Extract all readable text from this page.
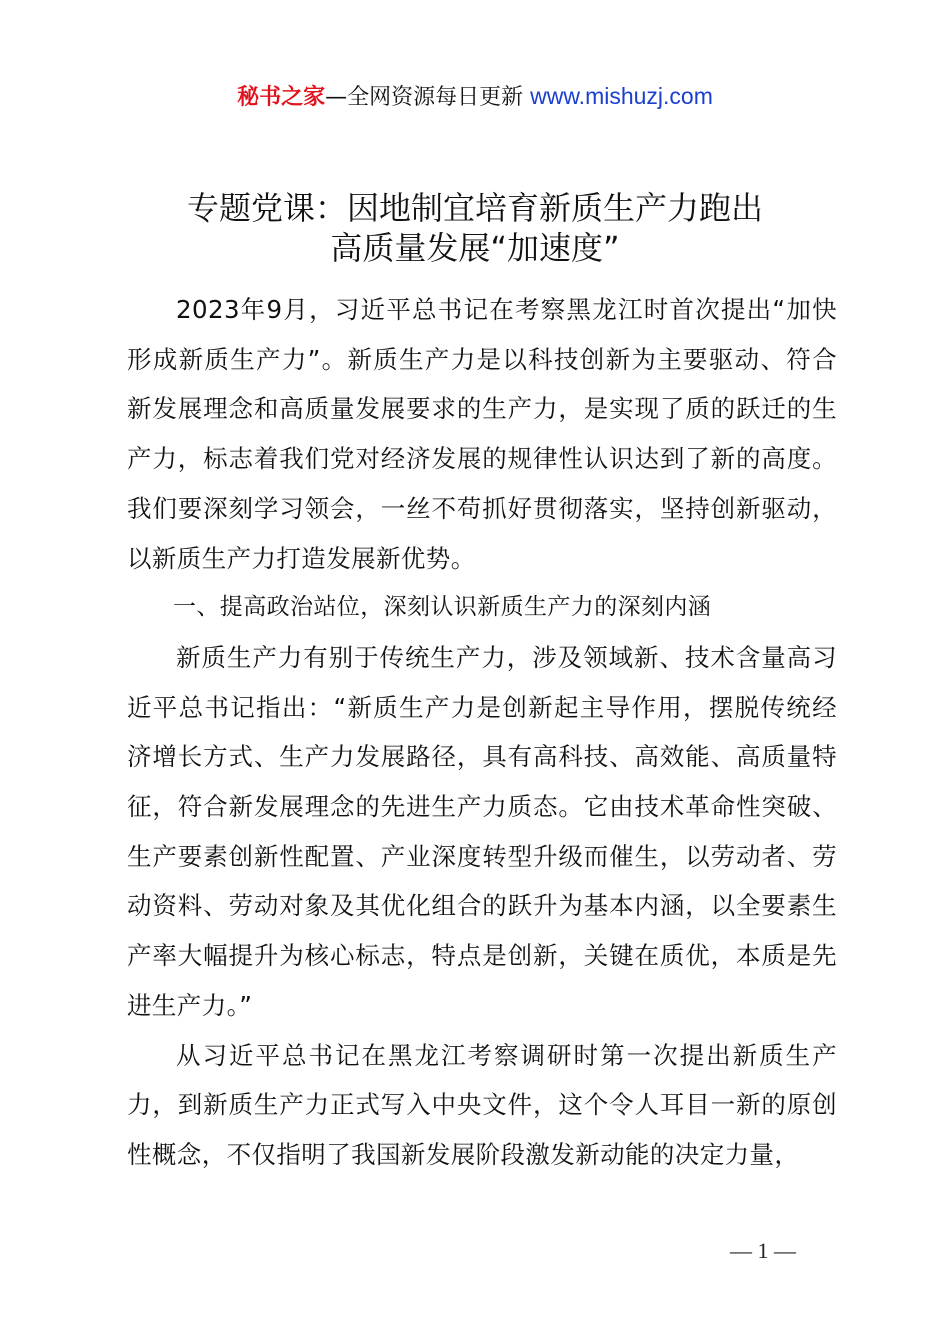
秘书之家—全网资源每日更新 www.mishuzj.com
专题党课：因地制宜培育新质生产力跑出
高质量发展“加速度”

2023年9月，习近平总书记在考察黑龙江时首次提出“加快形成新质生产力”。新质生产力是以科技创新为主要驱动、符合新发展理念和高质量发展要求的生产力，是实现了质的跃迁的生产力，标志着我们党对经济发展的规律性认识达到了新的高度。我们要深刻学习领会，一丝不苟抓好贯彻落实，坚持创新驱动，以新质生产力打造发展新优势。

一、提高政治站位，深刻认识新质生产力的深刻内涵

新质生产力有别于传统生产力，涉及领域新、技术含量高习近平总书记指出：“新质生产力是创新起主导作用，摆脱传统经济增长方式、生产力发展路径，具有高科技、高效能、高质量特征，符合新发展理念的先进生产力质态。它由技术革命性突破、生产要素创新性配置、产业深度转型升级而催生，以劳动者、劳动资料、劳动对象及其优化组合的跃升为基本内涵，以全要素生产率大幅提升为核心标志，特点是创新，关键在质优，本质是先进生产力。”

从习近平总书记在黑龙江考察调研时第一次提出新质生产力，到新质生产力正式写入中央文件，这个令人耳目一新的原创性概念，不仅指明了我国新发展阶段激发新动能的决定力量，

— 1 —
